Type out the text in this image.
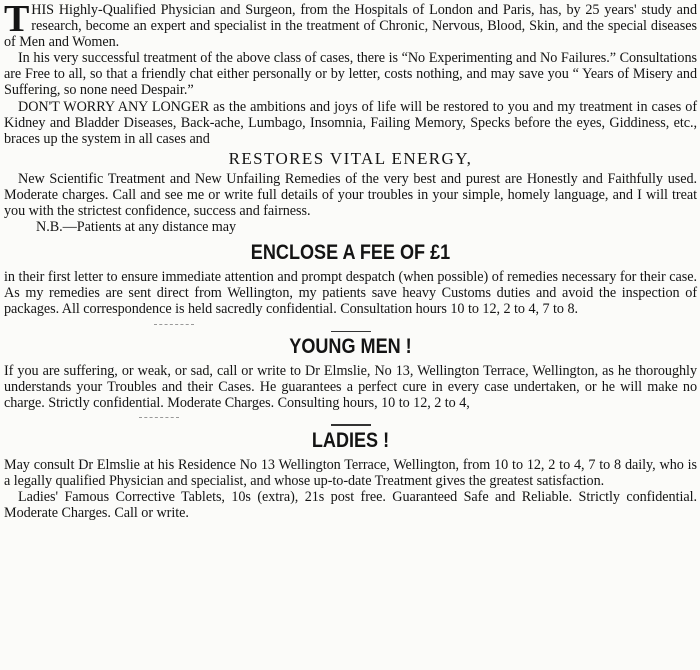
THIS Highly-Qualified Physician and Surgeon, from the Hospitals of London and Paris, has, by 25 years' study and research, become an expert and specialist in the treatment of Chronic, Nervous, Blood, Skin, and the special diseases of Men and Women.

In his very successful treatment of the above class of cases, there is “No Experimenting and No Failures.” Consultations are Free to all, so that a friendly chat either personally or by letter, costs nothing, and may save you “ Years of Misery and Suffering, so none need Despair.”

DON'T WORRY ANY LONGER as the ambitions and joys of life will be restored to you and my treatment in cases of Kidney and Bladder Diseases, Back-ache, Lumbago, Insomnia, Failing Memory, Specks before the eyes, Giddiness, etc., braces up the system in all cases and

RESTORES VITAL ENERGY,

New Scientific Treatment and New Unfailing Remedies of the very best and purest are Honestly and Faithfully used. Moderate charges. Call and see me or write full details of your troubles in your simple, homely language, and I will treat you with the strictest confidence, success and fairness.

N.B.—Patients at any distance may

ENCLOSE A FEE OF £1

in their first letter to ensure immediate attention and prompt despatch (when possible) of remedies necessary for their case. As my remedies are sent direct from Wellington, my patients save heavy Customs duties and avoid the inspection of packages. All correspondence is held sacredly confidential. Consultation hours 10 to 12, 2 to 4, 7 to 8.

YOUNG MEN !

If you are suffering, or weak, or sad, call or write to Dr Elmslie, No 13, Wellington Terrace, Wellington, as he thoroughly understands your Troubles and their Cases. He guarantees a perfect cure in every case undertaken, or he will make no charge. Strictly confidential. Moderate Charges. Consulting hours, 10 to 12, 2 to 4,

LADIES !

May consult Dr Elmslie at his Residence No 13 Wellington Terrace, Wellington, from 10 to 12, 2 to 4, 7 to 8 daily, who is a legally qualified Physician and specialist, and whose up-to-date Treatment gives the greatest satisfaction.

Ladies' Famous Corrective Tablets, 10s (extra), 21s post free. Guaranteed Safe and Reliable. Strictly confidential. Moderate Charges. Call or write.
